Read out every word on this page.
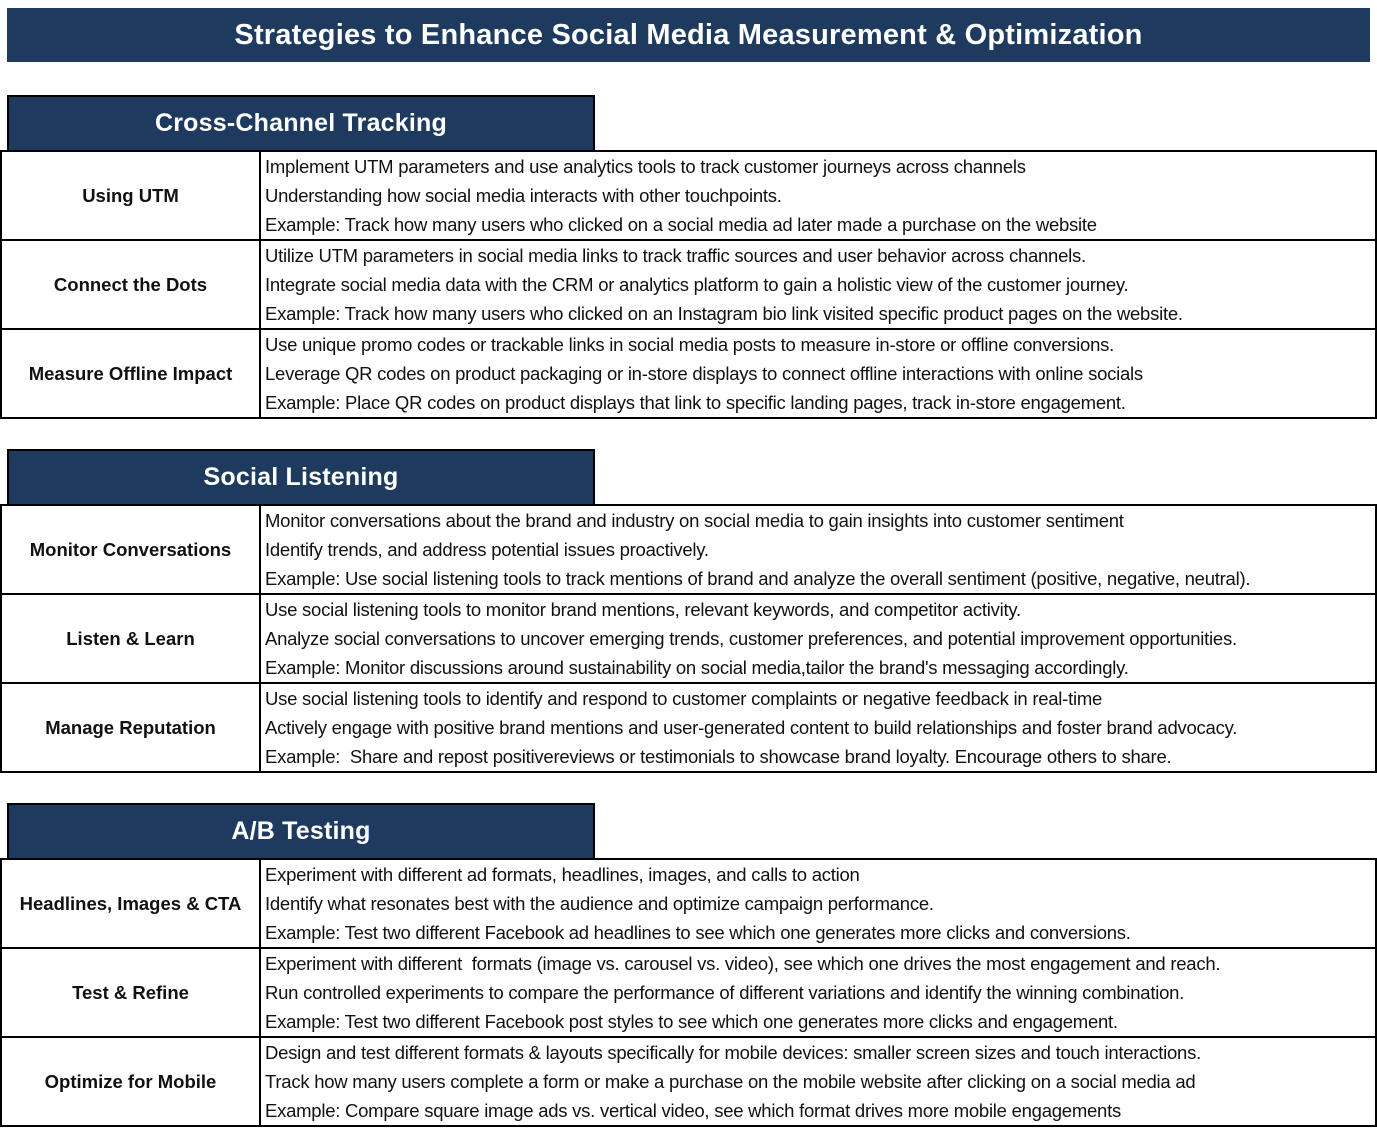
Strategies to Enhance Social Media Measurement & Optimization
Cross-Channel Tracking
Using UTM
Implement UTM parameters and use analytics tools to track customer journeys across channels
Understanding how social media interacts with other touchpoints.
Example: Track how many users who clicked on a social media ad later made a purchase on the website
Connect the Dots
Utilize UTM parameters in social media links to track traffic sources and user behavior across channels.
Integrate social media data with the CRM or analytics platform to gain a holistic view of the customer journey.
Example: Track how many users who clicked on an Instagram bio link visited specific product pages on the website.
Measure Offline Impact
Use unique promo codes or trackable links in social media posts to measure in-store or offline conversions.
Leverage QR codes on product packaging or in-store displays to connect offline interactions with online socials
Example: Place QR codes on product displays that link to specific landing pages, track in-store engagement.
Social Listening
Monitor Conversations
Monitor conversations about the brand and industry on social media to gain insights into customer sentiment
Identify trends, and address potential issues proactively.
Example: Use social listening tools to track mentions of brand and analyze the overall sentiment (positive, negative, neutral).
Listen & Learn
Use social listening tools to monitor brand mentions, relevant keywords, and competitor activity.
Analyze social conversations to uncover emerging trends, customer preferences, and potential improvement opportunities.
Example: Monitor discussions around sustainability on social media,tailor the brand's messaging accordingly.
Manage Reputation
Use social listening tools to identify and respond to customer complaints or negative feedback in real-time
Actively engage with positive brand mentions and user-generated content to build relationships and foster brand advocacy.
Example:  Share and repost positivereviews or testimonials to showcase brand loyalty. Encourage others to share.
A/B Testing
Headlines, Images & CTA
Experiment with different ad formats, headlines, images, and calls to action
Identify what resonates best with the audience and optimize campaign performance.
Example: Test two different Facebook ad headlines to see which one generates more clicks and conversions.
Test & Refine
Experiment with different  formats (image vs. carousel vs. video), see which one drives the most engagement and reach.
Run controlled experiments to compare the performance of different variations and identify the winning combination.
Example: Test two different Facebook post styles to see which one generates more clicks and engagement.
Optimize for Mobile
Design and test different formats & layouts specifically for mobile devices: smaller screen sizes and touch interactions.
Track how many users complete a form or make a purchase on the mobile website after clicking on a social media ad
Example: Compare square image ads vs. vertical video, see which format drives more mobile engagements
